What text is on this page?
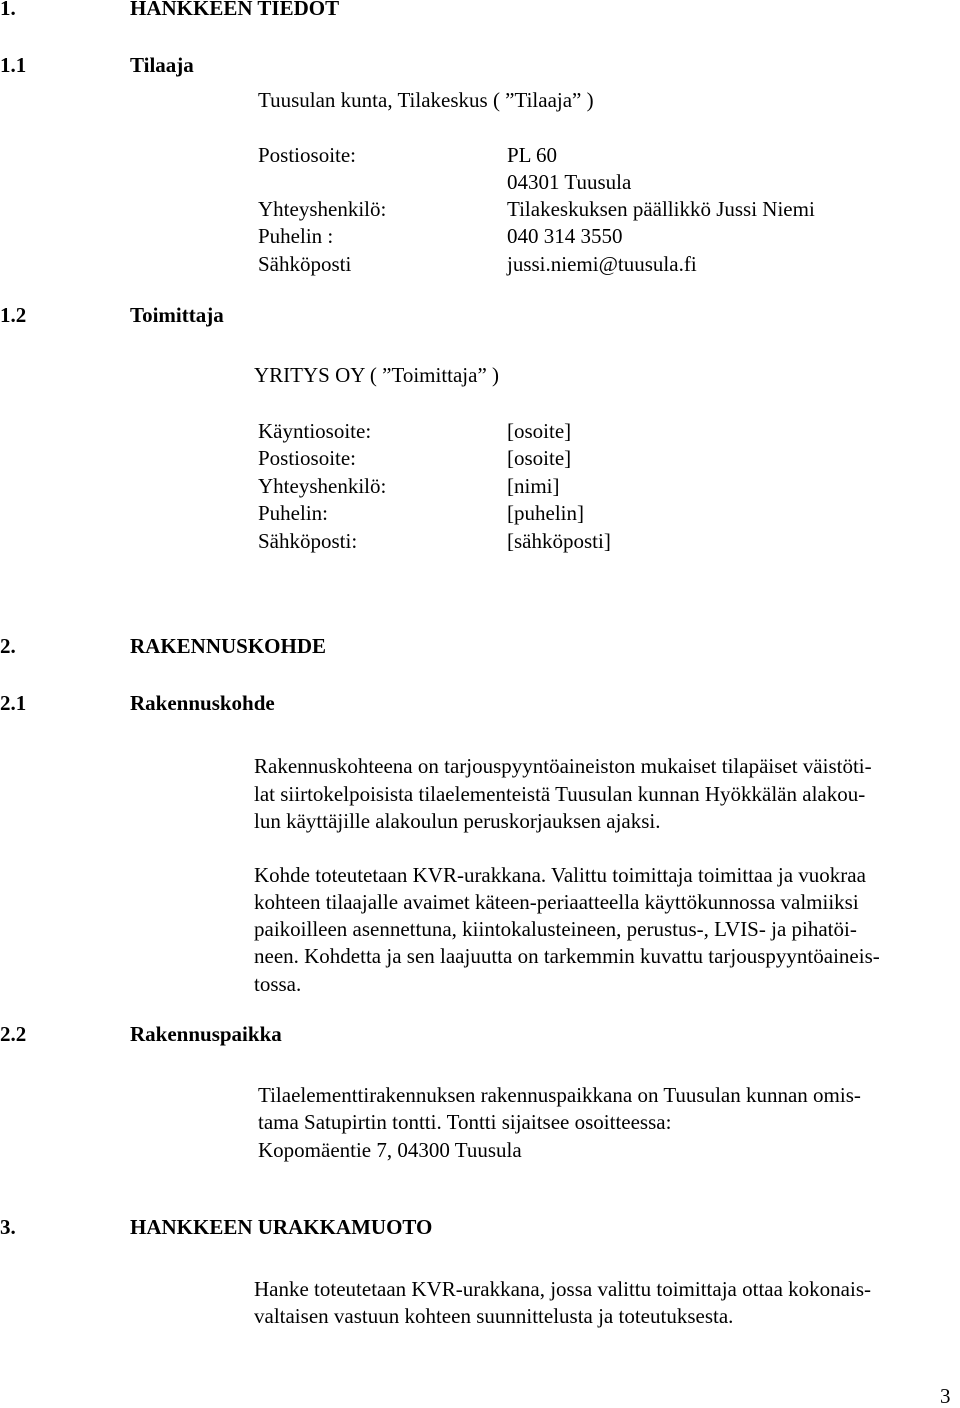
1.	HANKKEEN TIEDOT
1.1	Tilaaja
Tuusulan kunta, Tilakeskus ( ”Tilaaja” )
Postiosoite:	PL 60
04301 Tuusula
Yhteyshenkilö:	Tilakeskuksen päällikkö Jussi Niemi
Puhelin :	040 314 3550
Sähköposti	jussi.niemi@tuusula.fi
1.2	Toimittaja
YRITYS OY ( ”Toimittaja” )
Käyntiosoite:	[osoite]
Postiosoite:	[osoite]
Yhteyshenkilö:	[nimi]
Puhelin:	[puhelin]
Sähköposti:	[sähköposti]
2.	RAKENNUSKOHDE
2.1	Rakennuskohde
Rakennuskohteena on tarjouspyyntöaineiston mukaiset tilapäiset väistöti-
lat siirtokelpoisista tilaelementeistä Tuusulan kunnan Hyökkälän alakou-
lun käyttäjille alakoulun peruskorjauksen ajaksi.
Kohde toteutetaan KVR-urakkana. Valittu toimittaja toimittaa ja vuokraa
kohteen tilaajalle avaimet käteen-periaatteella käyttökunnossa valmiiksi
paikoilleen asennettuna, kiintokalusteineen, perustus-, LVIS- ja pihatöi-
neen. Kohdetta ja sen laajuutta on tarkemmin kuvattu tarjouspyyntöaineis-
tossa.
2.2	Rakennuspaikka
Tilaelementtirakennuksen rakennuspaikkana on Tuusulan kunnan omis-
tama Satupirtin tontti. Tontti sijaitsee osoitteessa:
Kopomäentie 7, 04300 Tuusula
3.	HANKKEEN URAKKAMUOTO
Hanke toteutetaan KVR-urakkana, jossa valittu toimittaja ottaa kokonais-
valtaisen vastuun kohteen suunnittelusta ja toteutuksesta.
3
